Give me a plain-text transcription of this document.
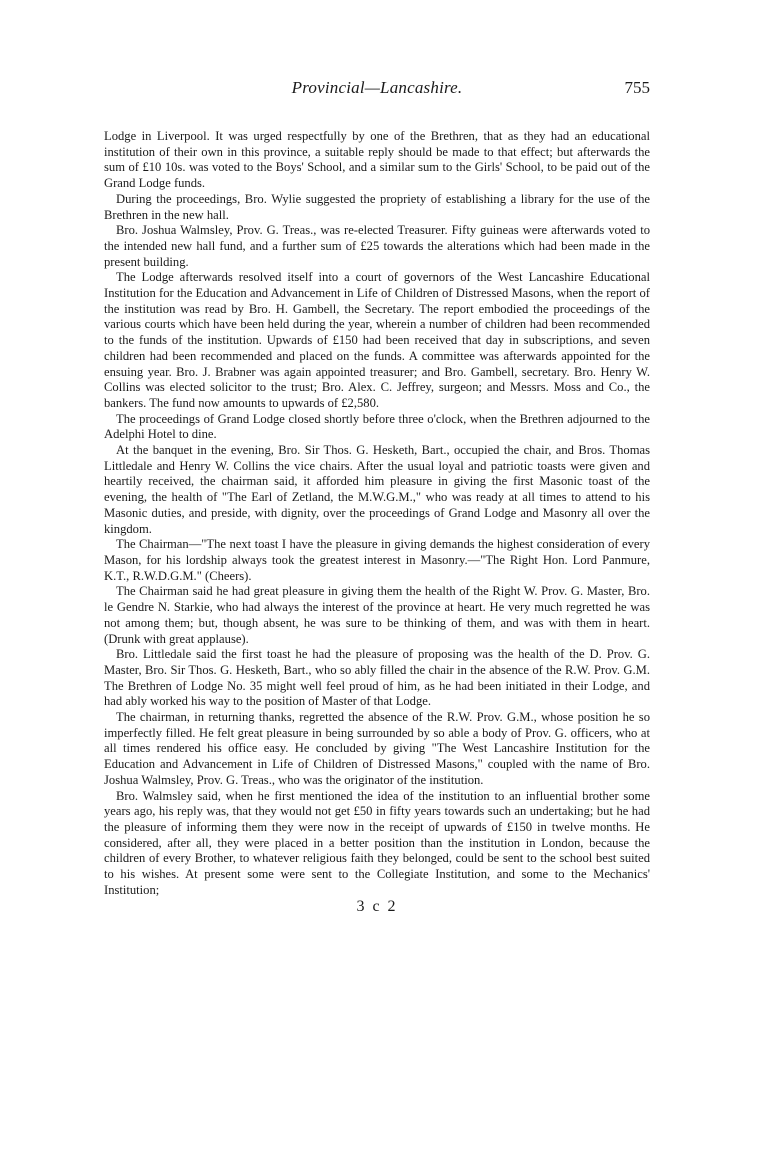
Provincial—Lancashire.	755

Lodge in Liverpool. It was urged respectfully by one of the Brethren, that as they had an educational institution of their own in this province, a suitable reply should be made to that effect; but afterwards the sum of £10 10s. was voted to the Boys' School, and a similar sum to the Girls' School, to be paid out of the Grand Lodge funds.

During the proceedings, Bro. Wylie suggested the propriety of establishing a library for the use of the Brethren in the new hall.

Bro. Joshua Walmsley, Prov. G. Treas., was re-elected Treasurer. Fifty guineas were afterwards voted to the intended new hall fund, and a further sum of £25 towards the alterations which had been made in the present building.

The Lodge afterwards resolved itself into a court of governors of the West Lancashire Educational Institution for the Education and Advancement in Life of Children of Distressed Masons, when the report of the institution was read by Bro. H. Gambell, the Secretary. The report embodied the proceedings of the various courts which have been held during the year, wherein a number of children had been recommended to the funds of the institution. Upwards of £150 had been received that day in subscriptions, and seven children had been recommended and placed on the funds. A committee was afterwards appointed for the ensuing year. Bro. J. Brabner was again appointed treasurer; and Bro. Gambell, secretary. Bro. Henry W. Collins was elected solicitor to the trust; Bro. Alex. C. Jeffrey, surgeon; and Messrs. Moss and Co., the bankers. The fund now amounts to upwards of £2,580.

The proceedings of Grand Lodge closed shortly before three o'clock, when the Brethren adjourned to the Adelphi Hotel to dine.

At the banquet in the evening, Bro. Sir Thos. G. Hesketh, Bart., occupied the chair, and Bros. Thomas Littledale and Henry W. Collins the vice chairs. After the usual loyal and patriotic toasts were given and heartily received, the chairman said, it afforded him pleasure in giving the first Masonic toast of the evening, the health of "The Earl of Zetland, the M.W.G.M.," who was ready at all times to attend to his Masonic duties, and preside, with dignity, over the proceedings of Grand Lodge and Masonry all over the kingdom.

The Chairman—"The next toast I have the pleasure in giving demands the highest consideration of every Mason, for his lordship always took the greatest interest in Masonry.—"The Right Hon. Lord Panmure, K.T., R.W.D.G.M." (Cheers).

The Chairman said he had great pleasure in giving them the health of the Right W. Prov. G. Master, Bro. le Gendre N. Starkie, who had always the interest of the province at heart. He very much regretted he was not among them; but, though absent, he was sure to be thinking of them, and was with them in heart. (Drunk with great applause).

Bro. Littledale said the first toast he had the pleasure of proposing was the health of the D. Prov. G. Master, Bro. Sir Thos. G. Hesketh, Bart., who so ably filled the chair in the absence of the R.W. Prov. G.M. The Brethren of Lodge No. 35 might well feel proud of him, as he had been initiated in their Lodge, and had ably worked his way to the position of Master of that Lodge.

The chairman, in returning thanks, regretted the absence of the R.W. Prov. G.M., whose position he so imperfectly filled. He felt great pleasure in being surrounded by so able a body of Prov. G. officers, who at all times rendered his office easy. He concluded by giving "The West Lancashire Institution for the Education and Advancement in Life of Children of Distressed Masons," coupled with the name of Bro. Joshua Walmsley, Prov. G. Treas., who was the originator of the institution.

Bro. Walmsley said, when he first mentioned the idea of the institution to an influential brother some years ago, his reply was, that they would not get £50 in fifty years towards such an undertaking; but he had the pleasure of informing them they were now in the receipt of upwards of £150 in twelve months. He considered, after all, they were placed in a better position than the institution in London, because the children of every Brother, to whatever religious faith they belonged, could be sent to the school best suited to his wishes. At present some were sent to the Collegiate Institution, and some to the Mechanics' Institution;

3 c 2
